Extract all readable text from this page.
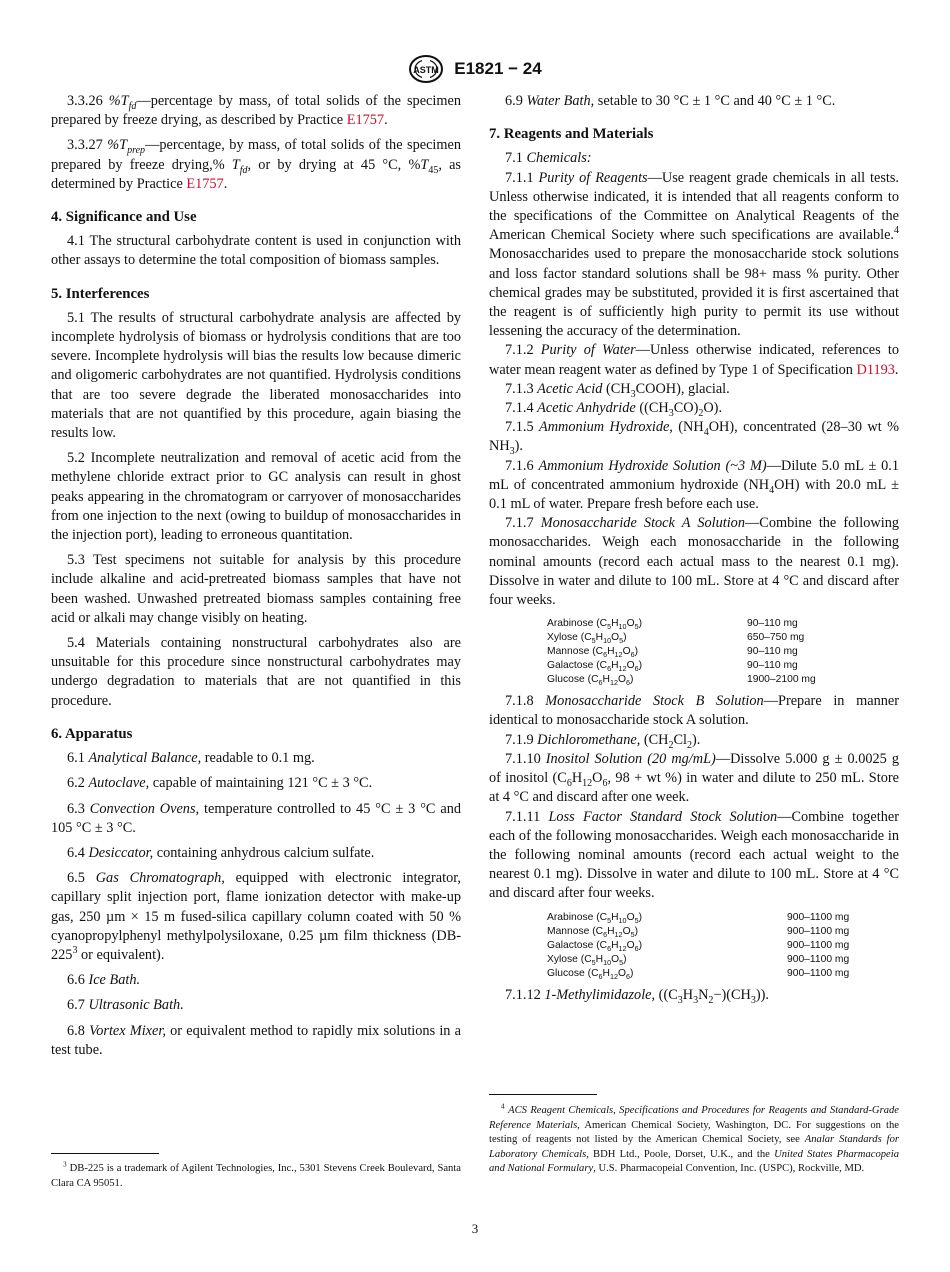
ASTM E1821 − 24

3.3.26 $\%T_{fd}—percentage$ by mass, of total solids of the specimen prepared by freeze drying, as described by Practice E1757.

3.3.27 $\%T_{prep}—percentage$, by mass, of total solids of the specimen prepared by freeze drying,% $T_{fd}$, or by drying at 45 °C, $\%T_{45}$, as determined by Practice E1757.

4. Significance and Use

4.1 The structural carbohydrate content is used in conjunction with other assays to determine the total composition of biomass samples.

5. Interferences

5.1 The results of structural carbohydrate analysis are affected by incomplete hydrolysis of biomass or hydrolysis conditions that are too severe. Incomplete hydrolysis will bias the results low because dimeric and oligomeric carbohydrates are not quantified. Hydrolysis conditions that are too severe degrade the liberated monosaccharides into materials that are not quantified by this procedure, again biasing the results low.

5.2 Incomplete neutralization and removal of acetic acid from the methylene chloride extract prior to GC analysis can result in ghost peaks appearing in the chromatogram or carryover of monosaccharides from one injection to the next (owing to buildup of monosaccharides in the injection port), leading to erroneous quantitation.

5.3 Test specimens not suitable for analysis by this procedure include alkaline and acid-pretreated biomass samples that have not been washed. Unwashed pretreated biomass samples containing free acid or alkali may change visibly on heating.

5.4 Materials containing nonstructural carbohydrates also are unsuitable for this procedure since nonstructural carbohydrates may undergo degradation to materials that are not quantified in this procedure.

6. Apparatus

6.1 Analytical Balance, readable to 0.1 mg.

6.2 Autoclave, capable of maintaining 121 °C ± 3 °C.

6.3 Convection Ovens, temperature controlled to 45 °C ± 3 °C and 105 °C ± 3 °C.

6.4 Desiccator, containing anhydrous calcium sulfate.

6.5 Gas Chromatograph, equipped with electronic integrator, capillary split injection port, flame ionization detector with make-up gas, 250 µm × 15 m fused-silica capillary column coated with 50 % cyanopropylphenyl methylpolysiloxane, 0.25 µm film thickness ($DB-225^3$ or equivalent).

6.6 Ice Bath.

6.7 Ultrasonic Bath.

6.8 Vortex Mixer, or equivalent method to rapidly mix solutions in a test tube.

$^3$ DB-225 is a trademark of Agilent Technologies, Inc., 5301 Stevens Creek Boulevard, Santa Clara CA 95051.

6.9 Water Bath, setable to 30 °C ± 1 °C and 40 °C ± 1 °C.

7. Reagents and Materials

7.1 Chemicals:

7.1.1 Purity of Reagents—Use reagent grade chemicals in all tests. Unless otherwise indicated, it is intended that all reagents conform to the specifications of the Committee on Analytical Reagents of the American Chemical Society where such specifications are available.$^4$ Monosaccharides used to prepare the monosaccharide stock solutions and loss factor standard solutions shall be 98+ mass % purity. Other chemical grades may be substituted, provided it is first ascertained that the reagent is of sufficiently high purity to permit its use without lessening the accuracy of the determination.

7.1.2 Purity of Water—Unless otherwise indicated, references to water mean reagent water as defined by Type 1 of Specification D1193.

7.1.3 Acetic Acid $(CH_3COOH)$, glacial.

7.1.4 Acetic Anhydride $((CH_3CO)_2O)$.

7.1.5 Ammonium Hydroxide, $(NH_4OH)$, concentrated (28–30 wt % $NH_3$).

7.1.6 Ammonium Hydroxide Solution (~3 M)—Dilute 5.0 mL ± 0.1 mL of concentrated ammonium hydroxide $(NH_4OH)$ with 20.0 mL ± 0.1 mL of water. Prepare fresh before each use.

7.1.7 Monosaccharide Stock A Solution—Combine the following monosaccharides. Weigh each monosaccharide in the following nominal amounts (record each actual mass to the nearest 0.1 mg). Dissolve in water and dilute to 100 mL. Store at 4 °C and discard after four weeks.

Arabinose $(C_5H_{10}O_5)$	90–110 mg
Xylose $(C_5H_{10}O_5)$	650–750 mg
Mannose $(C_6H_{12}O_6)$	90–110 mg
Galactose $(C_6H_{12}O_6)$	90–110 mg
Glucose $(C_6H_{12}O_6)$	1900–2100 mg

7.1.8 Monosaccharide Stock B Solution—Prepare in manner identical to monosaccharide stock A solution.

7.1.9 Dichloromethane, $(CH_2Cl_2)$.

7.1.10 Inositol Solution (20 mg/mL)—Dissolve 5.000 g ± 0.0025 g of inositol ($C_6H_{12}O_6$, 98 + wt %) in water and dilute to 250 mL. Store at 4 °C and discard after one week.

7.1.11 Loss Factor Standard Stock Solution—Combine together each of the following monosaccharides. Weigh each monosaccharide in the following nominal amounts (record each actual weight to the nearest 0.1 mg). Dissolve in water and dilute to 100 mL. Store at 4 °C and discard after four weeks.

Arabinose $(C_5H_{10}O_5)$	900–1100 mg
Mannose $(C_6H_{12}O_5)$	900–1100 mg
Galactose $(C_6H_{12}O_6)$	900–1100 mg
Xylose $(C_5H_{10}O_5)$	900–1100 mg
Glucose $(C_6H_{12}O_6)$	900–1100 mg

7.1.12 1-Methylimidazole, $((C_3H_3N_2-)(CH_3))$.

$^4$ ACS Reagent Chemicals, Specifications and Procedures for Reagents and Standard-Grade Reference Materials, American Chemical Society, Washington, DC. For suggestions on the testing of reagents not listed by the American Chemical Society, see Analar Standards for Laboratory Chemicals, BDH Ltd., Poole, Dorset, U.K., and the United States Pharmacopeia and National Formulary, U.S. Pharmacopeial Convention, Inc. (USPC), Rockville, MD.

3
